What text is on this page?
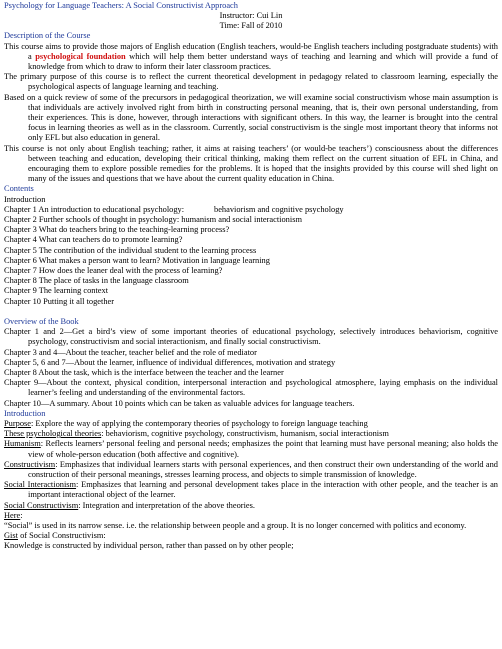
Psychology for Language Teachers: A Social Constructivist Approach

Instructor: Cui Lin

Time: Fall of 2010

Description of the Course

This course aims to provide those majors of English education (English teachers, would-be English teachers including postgraduate students) with a psychological foundation which will help them better understand ways of teaching and learning and which will provide a fund of knowledge from which to draw to inform their later classroom practices.

The primary purpose of this course is to reflect the current theoretical development in pedagogy related to classroom learning, especially the psychological aspects of language learning and teaching.

Based on a quick review of some of the precursors in pedagogical theorization, we will examine social constructivism whose main assumption is that individuals are actively involved right from birth in constructing personal meaning, that is, their own personal understanding, from their experiences. This is done, however, through interactions with significant others. In this way, the learner is brought into the central focus in learning theories as well as in the classroom. Currently, social constructivism is the single most important theory that informs not only EFL but also education in general.

This course is not only about English teaching; rather, it aims at raising teachers’ (or would-be teachers’) consciousness about the differences between teaching and education, developing their critical thinking, making them reflect on the current situation of EFL in China, and encouraging them to explore possible remedies for the problems. It is hoped that the insights provided by this course will shed light on many of the issues and questions that we have about the current quality education in China.

Contents

Introduction

Chapter 1 An introduction to educational psychology:	behaviorism and cognitive psychology

Chapter 2 Further schools of thought in psychology: humanism and social interactionism

Chapter 3 What do teachers bring to the teaching-learning process?

Chapter 4 What can teachers do to promote learning?

Chapter 5 The contribution of the individual student to the learning process

Chapter 6 What makes a person want to learn? Motivation in language learning

Chapter 7 How does the leaner deal with the process of learning?

Chapter 8 The place of tasks in the language classroom

Chapter 9 The learning context

Chapter 10 Putting it all together

Overview of the Book

Chapter 1 and 2—Get a bird’s view of some important theories of educational psychology, selectively introduces behaviorism, cognitive psychology, constructivism and social interactionism, and finally social constructivism.

Chapter 3 and 4—About the teacher, teacher belief and the role of mediator

Chapter 5, 6 and 7—About the learner, influence of individual differences, motivation and strategy

Chapter 8 About the task, which is the interface between the teacher and the learner

Chapter 9—About the context, physical condition, interpersonal interaction and psychological atmosphere, laying emphasis on the individual learner’s feeling and understanding of the environmental factors.

Chapter 10—A summary. About 10 points which can be taken as valuable advices for language teachers.

Introduction

Purpose: Explore the way of applying the contemporary theories of psychology to foreign language teaching

These psychological theories: behaviorism, cognitive psychology, constructivism, humanism, social interactionism

Humanism: Reflects learners’ personal feeling and personal needs; emphasizes the point that learning must have personal meaning; also holds the view of whole-person education (both affective and cognitive).

Constructivism: Emphasizes that individual learners starts with personal experiences, and then construct their own understanding of the world and construction of their personal meanings, stresses learning process, and objects to simple transmission of knowledge.

Social Interactionism: Emphasizes that learning and personal development takes place in the interaction with other people, and the teacher is an important interactional object of the learner.

Social Constructivism: Integration and interpretation of the above theories.

Here:

“Social” is used in its narrow sense. i.e. the relationship between people and a group. It is no longer concerned with politics and economy.

Gist of Social Constructivism:

Knowledge is constructed by individual person, rather than passed on by other people;
